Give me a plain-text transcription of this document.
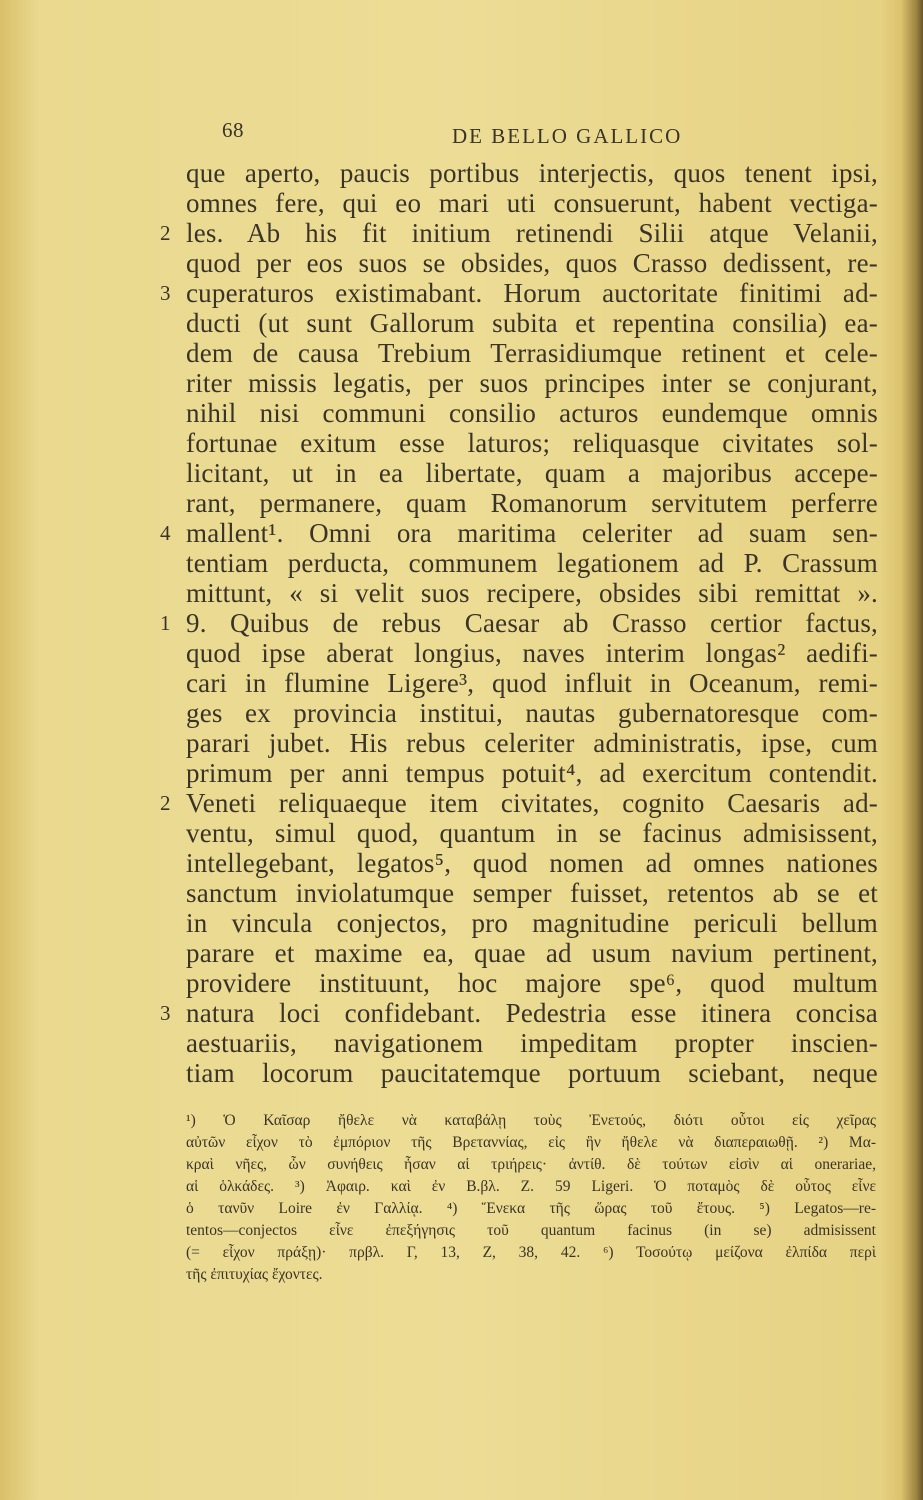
68	DE BELLO GALLICO
que aperto, paucis portibus interjectis, quos tenent ipsi,
omnes fere, qui eo mari uti consuerunt, habent vectiga-
2 les. Ab his fit initium retinendi Silii atque Velanii,
quod per eos suos se obsides, quos Crasso dedissent, re-
3 cuperaturos existimabant. Horum auctoritate finitimi ad-
ducti (ut sunt Gallorum subita et repentina consilia) ea-
dem de causa Trebium Terrasidiumque retinent et cele-
riter missis legatis, per suos principes inter se conjurant,
nihil nisi communi consilio acturos eundemque omnis
fortunae exitum esse laturos; reliquasque civitates sol-
licitant, ut in ea libertate, quam a majoribus accepe-
rant, permanere, quam Romanorum servitutem perferre
4 mallent¹. Omni ora maritima celeriter ad suam sen-
tentiam perducta, communem legationem ad P. Crassum
mittunt, « si velit suos recipere, obsides sibi remittat ».
1 9. Quibus de rebus Caesar ab Crasso certior factus,
quod ipse aberat longius, naves interim longas² aedifi-
cari in flumine Ligere³, quod influit in Oceanum, remi-
ges ex provincia institui, nautas gubernatoresque com-
parari jubet. His rebus celeriter administratis, ipse, cum
primum per anni tempus potuit⁴, ad exercitum contendit.
2 Veneti reliquaeque item civitates, cognito Caesaris ad-
ventu, simul quod, quantum in se facinus admisissent,
intellegebant, legatos⁵, quod nomen ad omnes nationes
sanctum inviolatumque semper fuisset, retentos ab se et
in vincula conjectos, pro magnitudine periculi bellum
parare et maxime ea, quae ad usum navium pertinent,
providere instituunt, hoc majore spe⁶, quod multum
3 natura loci confidebant. Pedestria esse itinera concisa
aestuariis, navigationem impeditam propter inscien-
tiam locorum paucitatemque portuum sciebant, neque
¹) Ὁ Καῖσαρ ἤθελε νὰ καταβάλῃ τοὺς Ἐνετούς, διότι οὗτοι εἰς χεῖρας
αὐτῶν εἶχον τὸ ἐμπόριον τῆς Βρεταννίας, εἰς ἣν ἤθελε νὰ διαπεραιωθῇ. ²) Μα-
κραὶ νῆες, ὧν συνήθεις ἦσαν αἱ τριήρεις· ἀντίθ. δὲ τούτων εἰσὶν αἱ onerariae,
αἱ ὁλκάδες. ³) Ἀφαιρ. καὶ ἐν Β.βλ. Ζ. 59 Ligeri. Ὁ ποταμὸς δὲ οὗτος εἶνε
ὁ τανῦν Loire ἐν Γαλλίᾳ. ⁴) Ἕνεκα τῆς ὥρας τοῦ ἔτους. ⁵) Legatos—re-
tentos—conjectos εἶνε ἐπεξήγησις τοῦ quantum facinus (in se) admisissent
(= εἶχον πράξῃ)· πρβλ. Γ, 13, Ζ, 38, 42. ⁶) Τοσούτῳ μείζονα ἐλπίδα περὶ
τῆς ἐπιτυχίας ἔχοντες.
